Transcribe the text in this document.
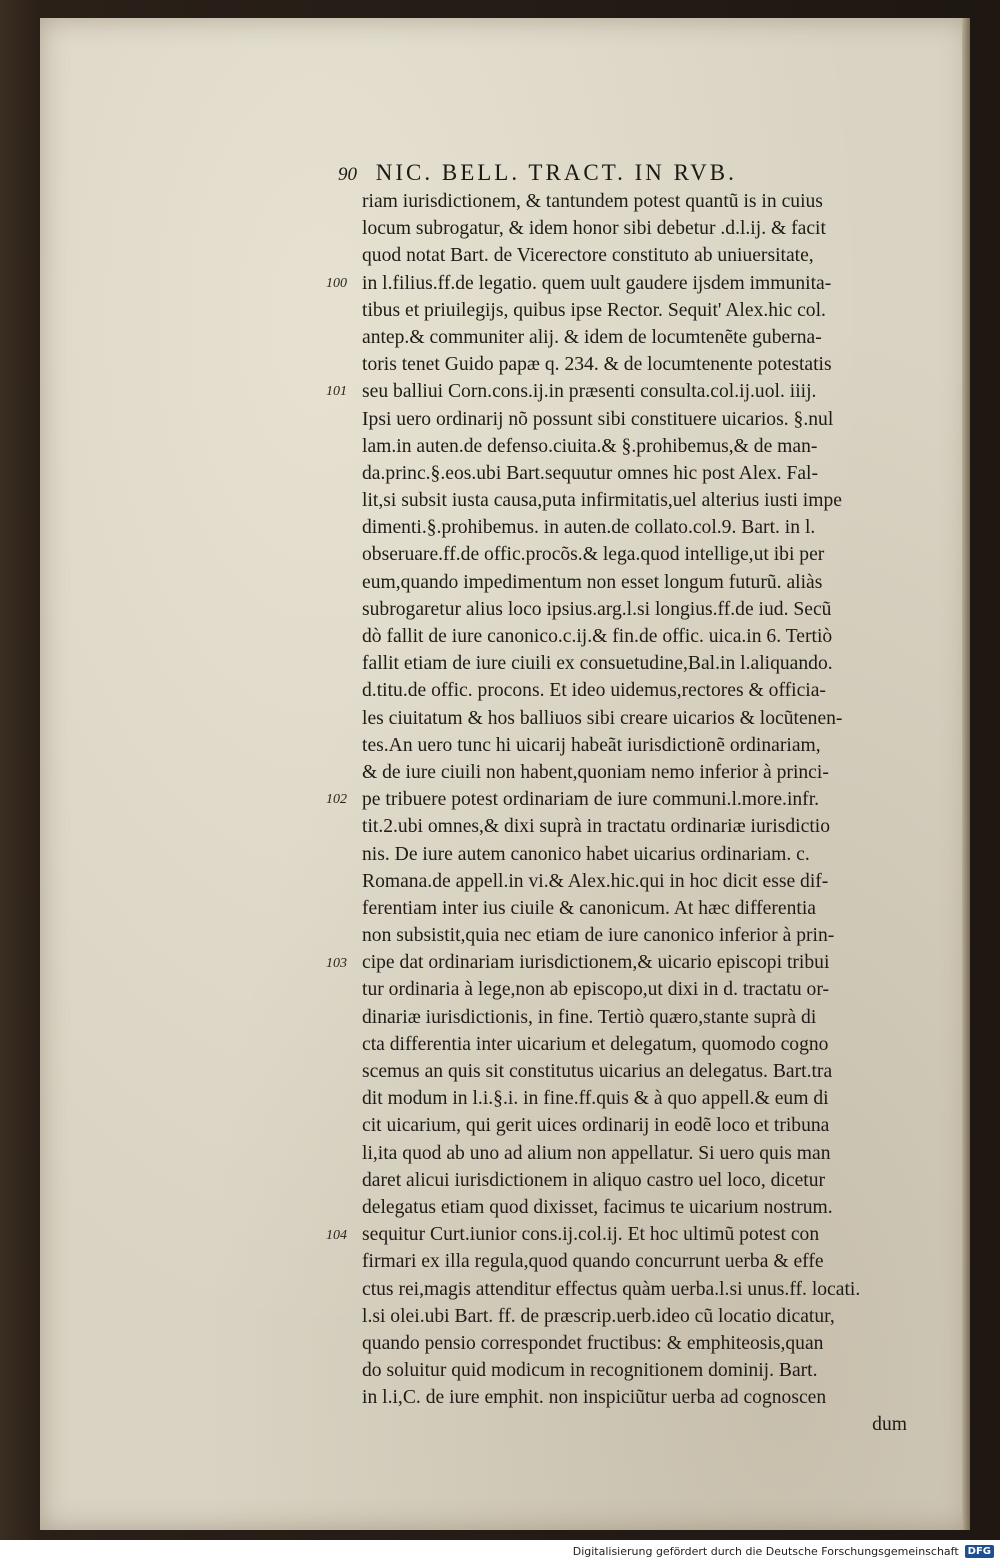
90 NIC. BELL. TRACT. IN RVB.
100
101
102
103
104
riam iurisdictionem, & tantundem potest quantũ is in cuius
locum subrogatur, & idem honor sibi debetur .d.l.ij. & facit
quod notat Bart. de Vicerectore constituto ab uniuersitate,
in l.filius.ff.de legatio. quem uult gaudere ijsdem immunita-
tibus et priuilegijs, quibus ipse Rector. Sequit' Alex.hic col.
antep.& communiter alij. & idem de locumtenẽte guberna-
toris tenet Guido papæ q. 234. & de locumtenente potestatis
seu balliui Corn.cons.ij.in præsenti consulta.col.ij.uol. iiij.
Ipsi uero ordinarij nõ possunt sibi constituere uicarios. §.nul
lam.in auten.de defenso.ciuita.& §.prohibemus,& de man-
da.princ.§.eos.ubi Bart.sequutur omnes hic post Alex. Fal-
lit,si subsit iusta causa,puta infirmitatis,uel alterius iusti impe
dimenti.§.prohibemus. in auten.de collato.col.9. Bart. in l.
obseruare.ff.de offic.procõs.& lega.quod intellige,ut ibi per
eum,quando impedimentum non esset longum futurũ. aliàs
subrogaretur alius loco ipsius.arg.l.si longius.ff.de iud. Secũ
dò fallit de iure canonico.c.ij.& fin.de offic. uica.in 6. Tertiò
fallit etiam de iure ciuili ex consuetudine,Bal.in l.aliquando.
d.titu.de offic. procons. Et ideo uidemus,rectores & officia-
les ciuitatum & hos balliuos sibi creare uicarios & locũtenen-
tes.An uero tunc hi uicarij habeãt iurisdictionẽ ordinariam,
& de iure ciuili non habent,quoniam nemo inferior à princi-
pe tribuere potest ordinariam de iure communi.l.more.infr.
tit.2.ubi omnes,& dixi suprà in tractatu ordinariæ iurisdictio
nis. De iure autem canonico habet uicarius ordinariam. c.
Romana.de appell.in vi.& Alex.hic.qui in hoc dicit esse dif-
ferentiam inter ius ciuile & canonicum. At hæc differentia
non subsistit,quia nec etiam de iure canonico inferior à prin-
cipe dat ordinariam iurisdictionem,& uicario episcopi tribui
tur ordinaria à lege,non ab episcopo,ut dixi in d. tractatu or-
dinariæ iurisdictionis, in fine. Tertiò quæro,stante suprà di
cta differentia inter uicarium et delegatum, quomodo cogno
scemus an quis sit constitutus uicarius an delegatus. Bart.tra
dit modum in l.i.§.i. in fine.ff.quis & à quo appell.& eum di
cit uicarium, qui gerit uices ordinarij in eodẽ loco et tribuna
li,ita quod ab uno ad alium non appellatur. Si uero quis man
daret alicui iurisdictionem in aliquo castro uel loco, dicetur
delegatus etiam quod dixisset, facimus te uicarium nostrum.
sequitur Curt.iunior cons.ij.col.ij. Et hoc ultimũ potest con
firmari ex illa regula,quod quando concurrunt uerba & effe
ctus rei,magis attenditur effectus quàm uerba.l.si unus.ff. locati.
l.si olei.ubi Bart. ff. de præscrip.uerb.ideo cũ locatio dicatur,
quando pensio correspondet fructibus: & emphiteosis,quan
do soluitur quid modicum in recognitionem dominij. Bart.
in l.i,C. de iure emphit. non inspiciũtur uerba ad cognoscen
dum
Digitalisierung gefördert durch die Deutsche Forschungsgemeinschaft DFG
